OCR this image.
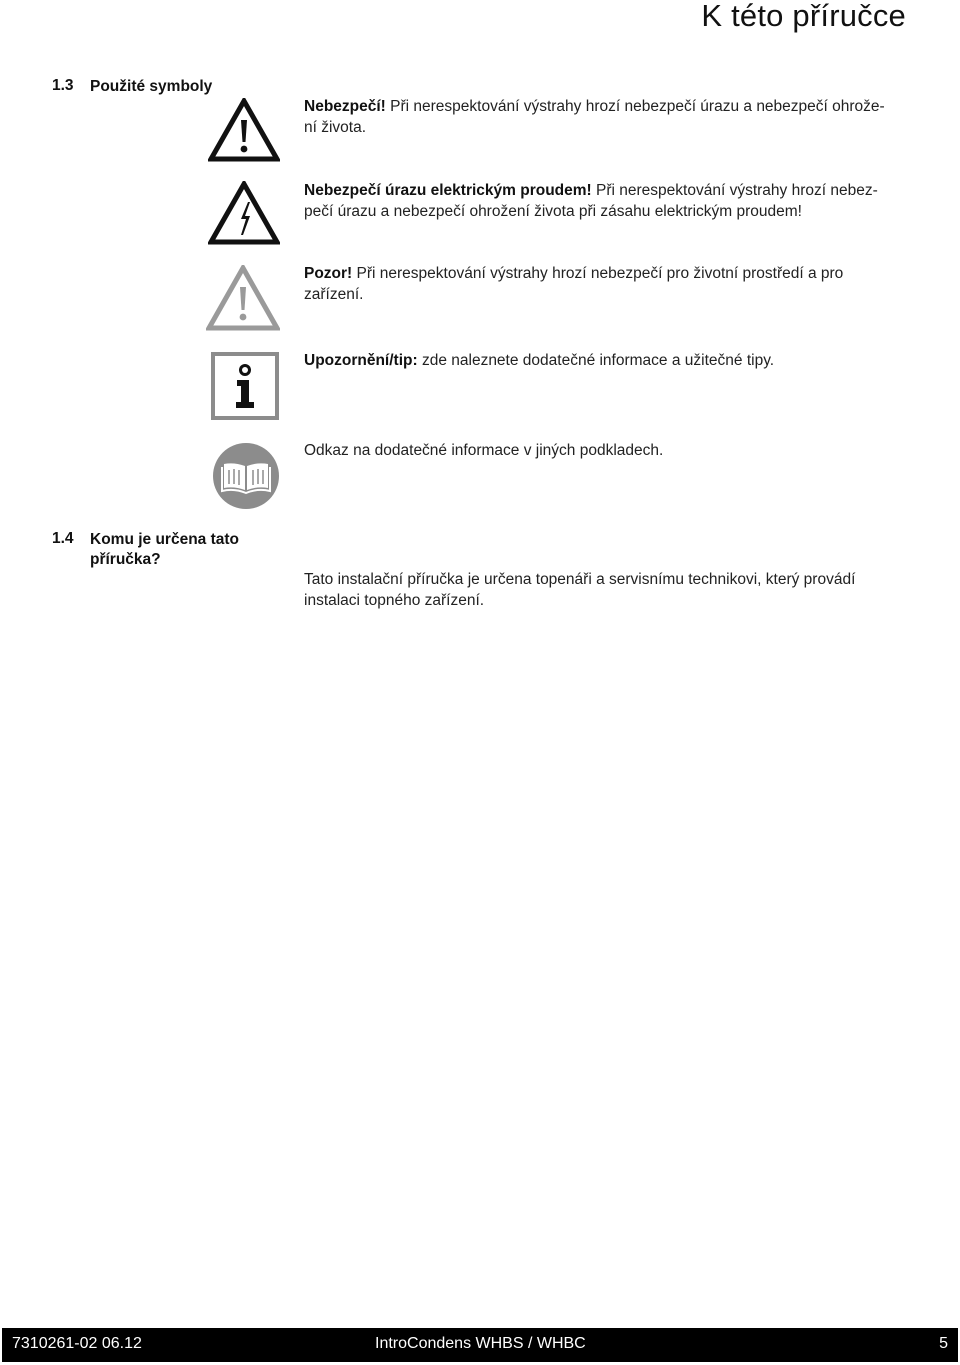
K této příručce
1.3 Použité symboly
Nebezpečí! Při nerespektování výstrahy hrozí nebezpečí úrazu a nebezpečí ohrože-
ní života.
Nebezpečí úrazu elektrickým proudem! Při nerespektování výstrahy hrozí nebez-
pečí úrazu a nebezpečí ohrožení života při zásahu elektrickým proudem!
Pozor! Při nerespektování výstrahy hrozí nebezpečí pro životní prostředí a pro
zařízení.
Upozornění/tip: zde naleznete dodatečné informace a užitečné tipy.
Odkaz na dodatečné informace v jiných podkladech.
1.4 Komu je určena tato
příručka?
Tato instalační příručka je určena topenáři a servisnímu technikovi, který provádí
instalaci topného zařízení.
7310261-02 06.12	IntroCondens WHBS / WHBC	5
